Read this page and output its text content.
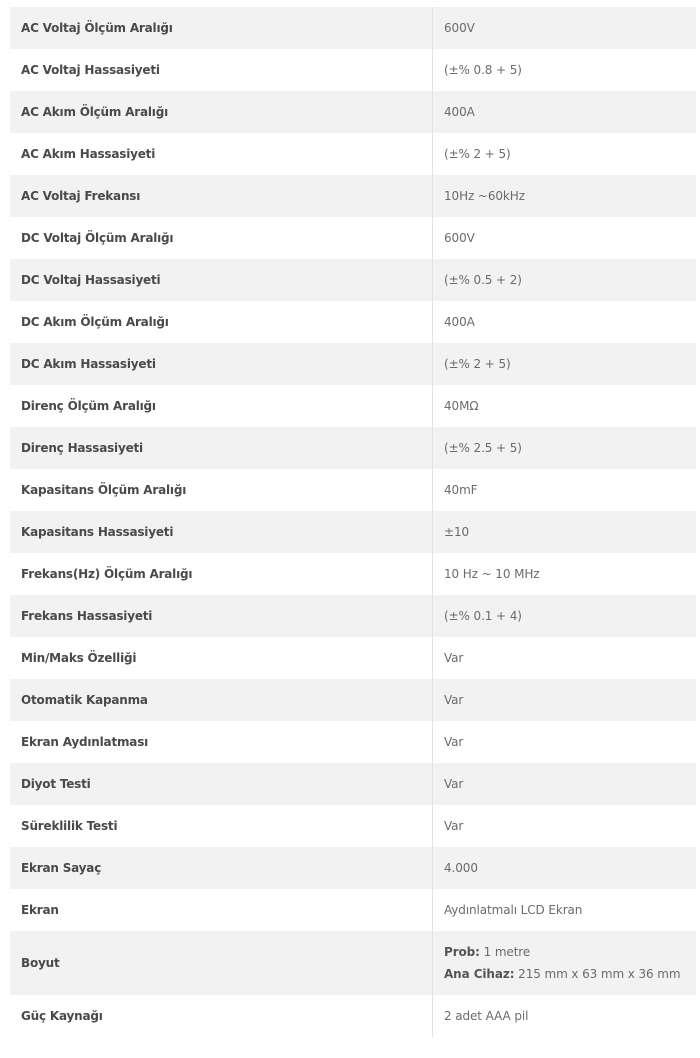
AC Voltaj Ölçüm Aralığı	600V
AC Voltaj Hassasiyeti	(±% 0.8 + 5)
AC Akım Ölçüm Aralığı	400A
AC Akım Hassasiyeti	(±% 2 + 5)
AC Voltaj Frekansı	10Hz ~60kHz
DC Voltaj Ölçüm Aralığı	600V
DC Voltaj Hassasiyeti	(±% 0.5 + 2)
DC Akım Ölçüm Aralığı	400A
DC Akım Hassasiyeti	(±% 2 + 5)
Direnç Ölçüm Aralığı	40MΩ
Direnç Hassasiyeti	(±% 2.5 + 5)
Kapasitans Ölçüm Aralığı	40mF
Kapasitans Hassasiyeti	±10
Frekans(Hz) Ölçüm Aralığı	10 Hz ~ 10 MHz
Frekans Hassasiyeti	(±% 0.1 + 4)
Min/Maks Özelliği	Var
Otomatik Kapanma	Var
Ekran Aydınlatması	Var
Diyot Testi	Var
Süreklilik Testi	Var
Ekran Sayaç	4.000
Ekran	Aydınlatmalı LCD Ekran
Boyut	Prob: 1 metre
Ana Cihaz: 215 mm x 63 mm x 36 mm

Güç Kaynağı	2 adet AAA pil
